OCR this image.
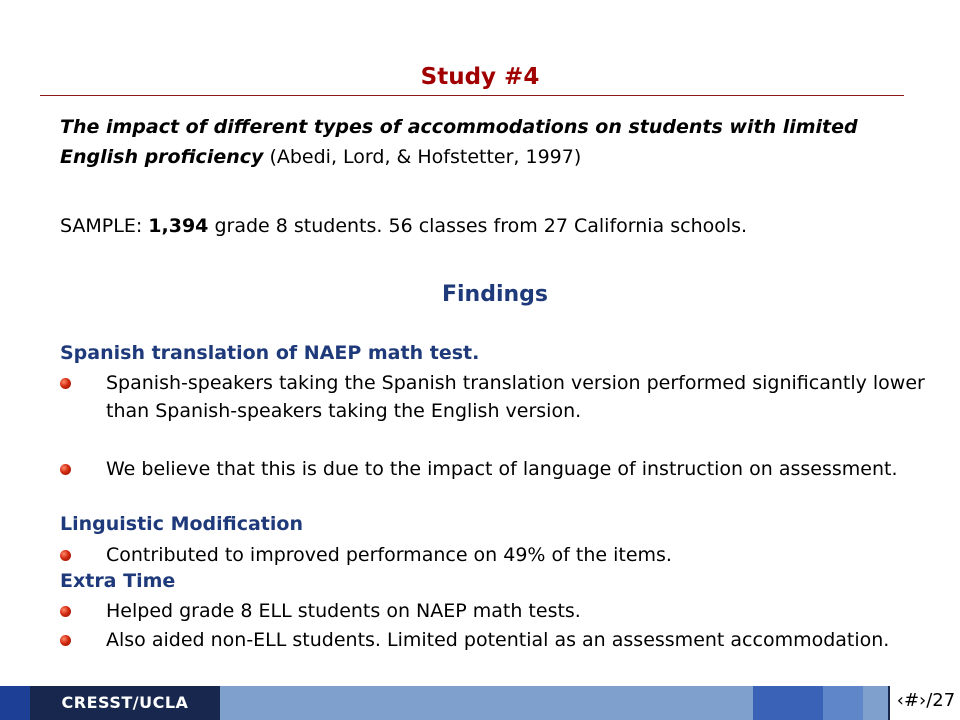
Study #4
The impact of different types of accommodations on students with limited English proficiency (Abedi, Lord, & Hofstetter, 1997)
SAMPLE: 1,394 grade 8 students. 56 classes from 27 California schools.
Findings
Spanish translation of NAEP math test.
Spanish-speakers taking the Spanish translation version performed significantly lower than Spanish-speakers taking the English version.
We believe that this is due to the impact of language of instruction on assessment.
Linguistic Modification
Contributed to improved performance on 49% of the items.
Extra Time
Helped grade 8 ELL students on NAEP math tests.
Also aided non-ELL students. Limited potential as an assessment accommodation.
CRESST/UCLA	‹#›/27
